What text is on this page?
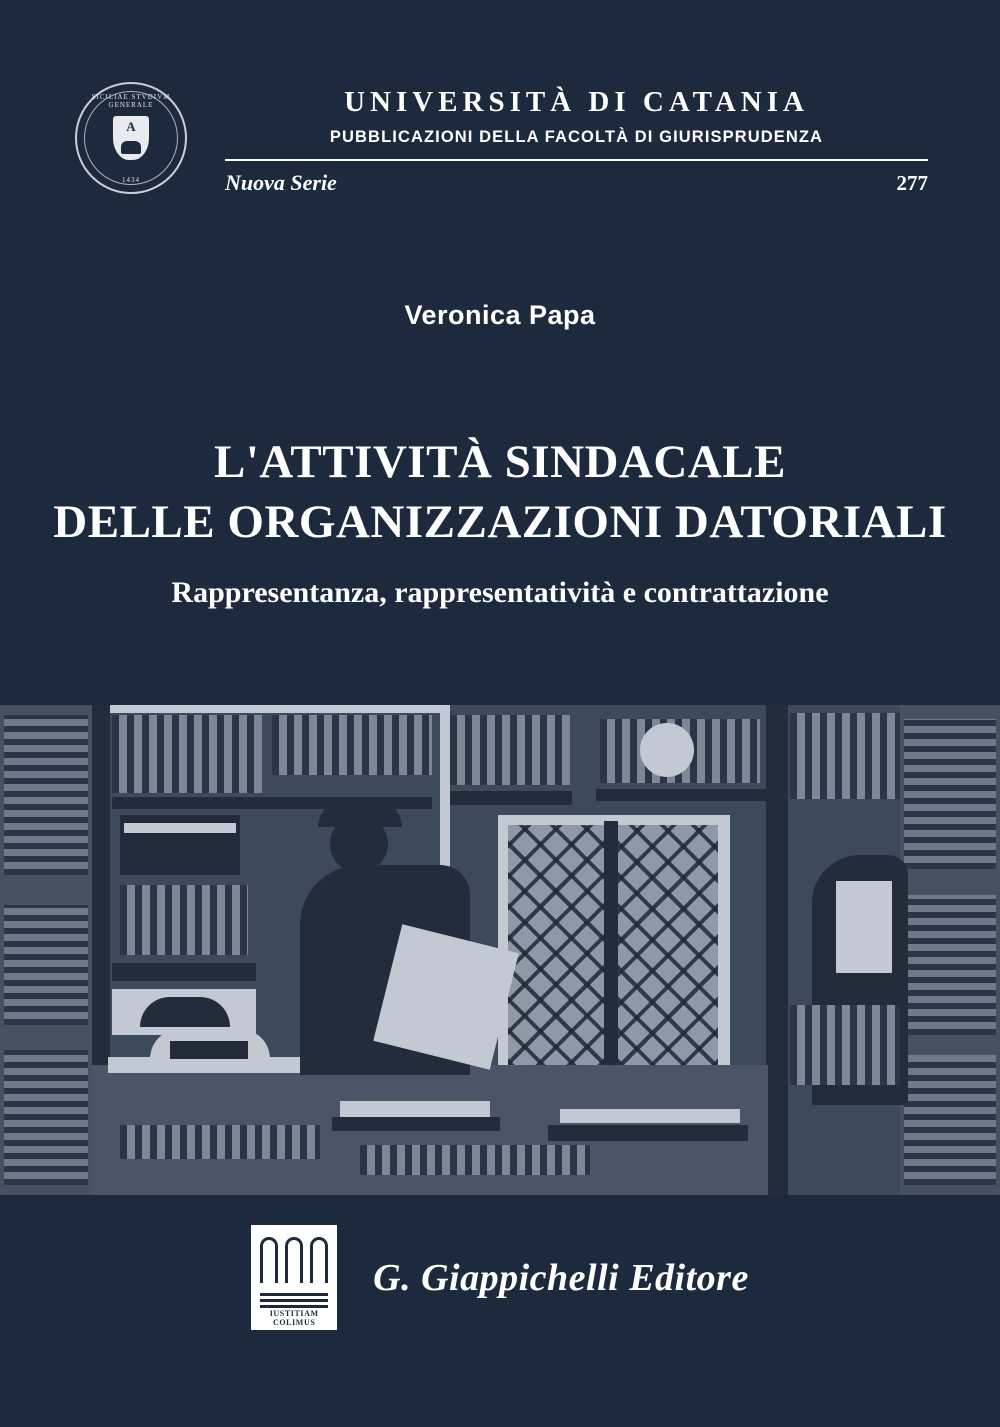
SICILIAE STVDIVM GENERALE
A
1434
UNIVERSITÀ DI CATANIA
PUBBLICAZIONI DELLA FACOLTÀ DI GIURISPRUDENZA
Nuova Serie	277
Veronica Papa
L'ATTIVITÀ SINDACALE
DELLE ORGANIZZAZIONI DATORIALI
Rappresentanza, rappresentatività e contrattazione
IUSTITIAM COLIMUS
G. Giappichelli Editore
